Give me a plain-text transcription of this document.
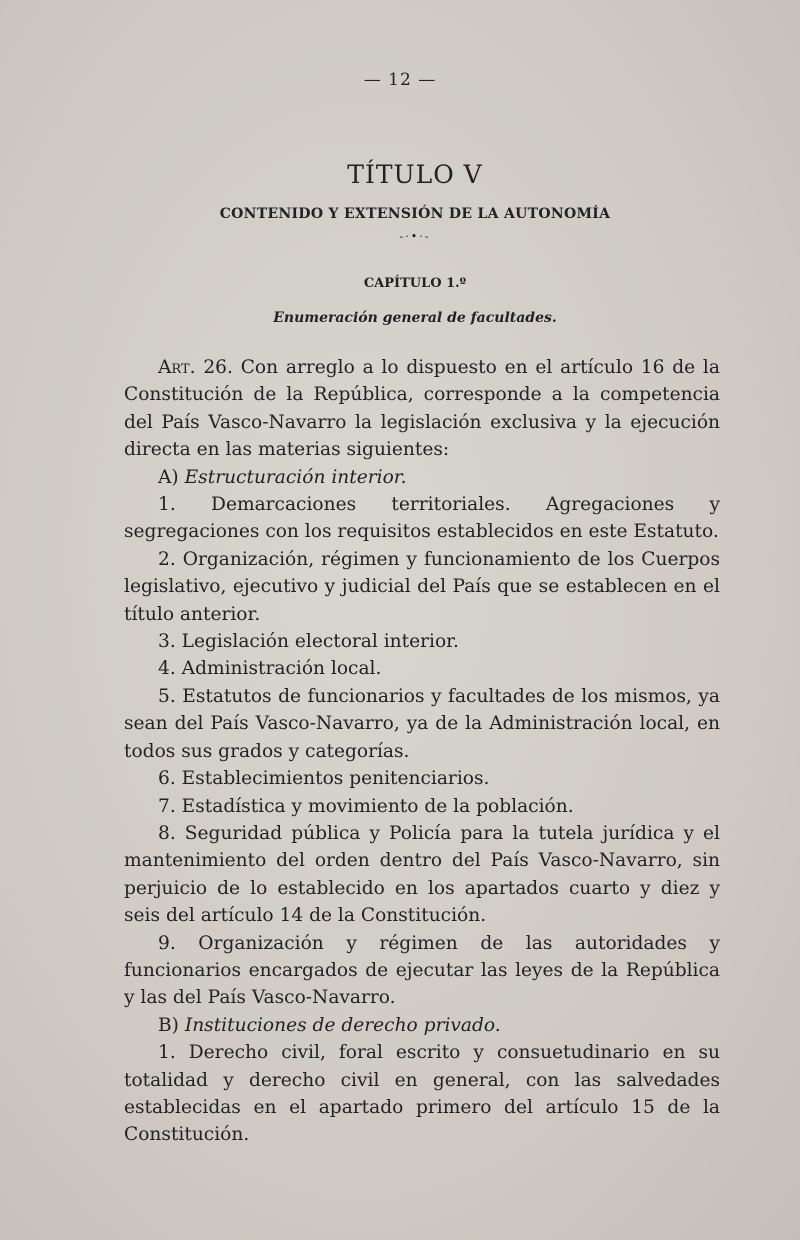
— 12 —
TÍTULO V
CONTENIDO Y EXTENSIÓN DE LA AUTONOMÍA
-·•·-
CAPÍTULO 1.º
Enumeración general de facultades.

Art. 26. Con arreglo a lo dispuesto en el artículo 16 de la Constitución de la República, corresponde a la competencia del País Vasco-Navarro la legislación exclusiva y la ejecución directa en las materias siguientes:

A) Estructuración interior.

1. Demarcaciones territoriales. Agregaciones y segregaciones con los requisitos establecidos en este Estatuto.

2. Organización, régimen y funcionamiento de los Cuerpos legislativo, ejecutivo y judicial del País que se establecen en el título anterior.

3. Legislación electoral interior.

4. Administración local.

5. Estatutos de funcionarios y facultades de los mismos, ya sean del País Vasco-Navarro, ya de la Administración local, en todos sus grados y categorías.

6. Establecimientos penitenciarios.

7. Estadística y movimiento de la población.

8. Seguridad pública y Policía para la tutela jurídica y el mantenimiento del orden dentro del País Vasco-Navarro, sin perjuicio de lo establecido en los apartados cuarto y diez y seis del artículo 14 de la Constitución.

9. Organización y régimen de las autoridades y funcionarios encargados de ejecutar las leyes de la República y las del País Vasco-Navarro.

B) Instituciones de derecho privado.

1. Derecho civil, foral escrito y consuetudinario en su totalidad y derecho civil en general, con las salvedades establecidas en el apartado primero del artículo 15 de la Constitución.
